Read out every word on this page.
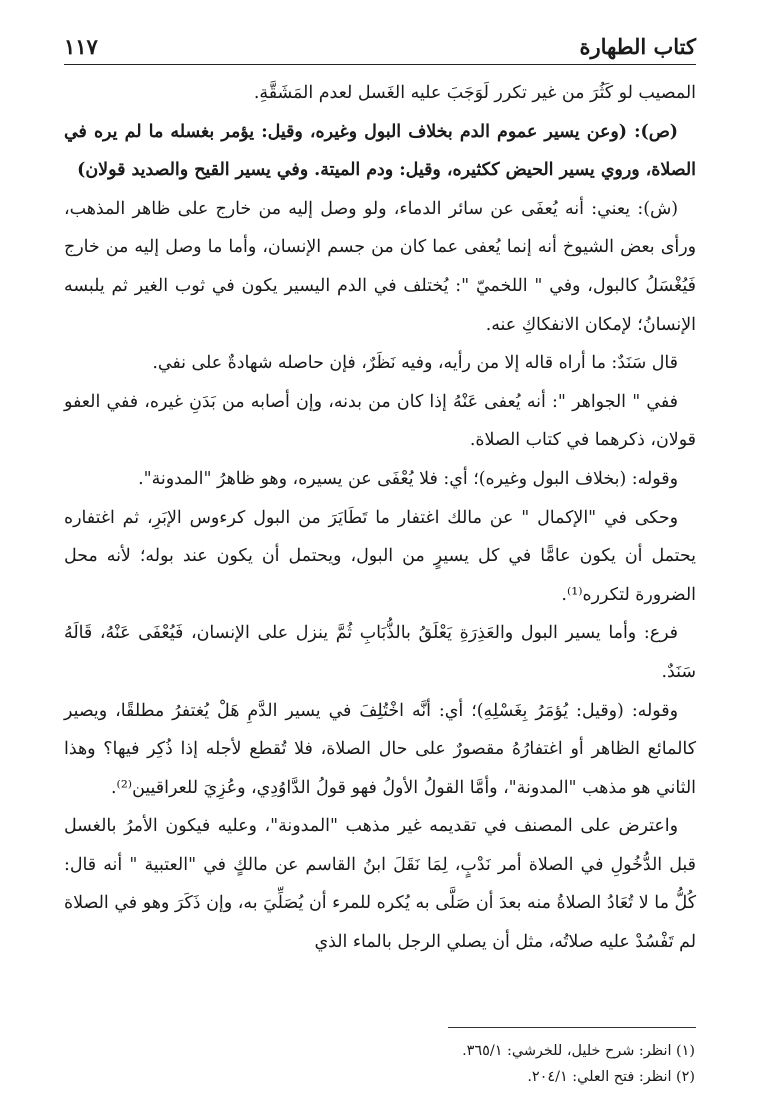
كتاب الطهارة
١١٧

المصيب لو كَثُرَ من غير تكرر لَوَجَبَ عليه الغَسل لعدم المَشَقَّةِ.

(ص): (وعن يسير عموم الدم بخلاف البول وغيره، وقيل: يؤمر بغسله ما لم يره في الصلاة، وروي يسير الحيض ككثيره، وقيل: ودم الميتة. وفي يسير القيح والصديد قولان)

(ش): يعني: أنه يُعفَى عن سائر الدماء، ولو وصل إليه من خارج على ظاهر المذهب، ورأى بعض الشيوخ أنه إنما يُعفى عما كان من جسم الإنسان، وأما ما وصل إليه من خارج فَيُغْسَلُ كالبول، وفي " اللخميّ ": يُختلف في الدم اليسير يكون في ثوب الغير ثم يلبسه الإنسانُ؛ لإمكان الانفكاكِ عنه.

قال سَنَدٌ: ما أراه قاله إلا من رأيه، وفيه نَظَرٌ، فإن حاصله شهادةٌ على نفي.

ففي " الجواهر ": أنه يُعفى عَنْهُ إذا كان من بدنه، وإن أصابه من بَدَنِ غيره، ففي العفو قولان، ذكرهما في كتاب الصلاة.

وقوله: (بخلاف البول وغيره)؛ أي: فلا يُعْفَى عن يسيره، وهو ظاهرُ "المدونة".

وحكى في "الإكمال " عن مالك اغتفار ما تَطَايَرَ من البول كرءوس الإبَرِ، ثم اغتفاره يحتمل أن يكون عامًّا في كل يسيرٍ من البول، ويحتمل أن يكون عند بوله؛ لأنه محل الضرورة لتكرره⁽¹⁾.

فرع: وأما يسير البول والعَذِرَةِ يَعْلَقُ بالذُّبَابِ ثُمَّ ينزل على الإنسان، فَيُعْفَى عَنْهُ، قَالَهُ سَنَدٌ.

وقوله: (وقيل: يُؤمَرُ بِغَسْلِهِ)؛ أي: أنَّه اخْتُلِفَ في يسير الدَّمِ هَلْ يُغتفرُ مطلقًا، ويصير كالمائع الظاهر أو اغتفارُهُ مقصورٌ على حال الصلاة، فلا تُقطع لأجله إذا ذُكِر فيها؟ وهذا الثاني هو مذهب "المدونة"، وأمَّا القولُ الأولُ فهو قولُ الدَّاوُدِي، وعُزِيَ للعراقيين⁽²⁾.

واعترض على المصنف في تقديمه غير مذهب "المدونة"، وعليه فيكون الأمرُ بالغسل قبل الدُّخُولِ في الصلاة أمر نَدْبٍ، لِمَا نَقَلَ ابنُ القاسم عن مالكٍ في "العتبية " أنه قال: كُلُّ ما لا تُعَادُ الصلاةُ منه بعدَ أن صَلَّى به يُكره للمرء أن يُصَلِّيَ به، وإن ذَكَرَ وهو في الصلاة لم تَفْسُدْ عليه صلاتُه، مثل أن يصلي الرجل بالماء الذي

(١) انظر: شرح خليل، للخرشي: ٣٦٥/١.
(٢) انظر: فتح العلي: ٢٠٤/١.
